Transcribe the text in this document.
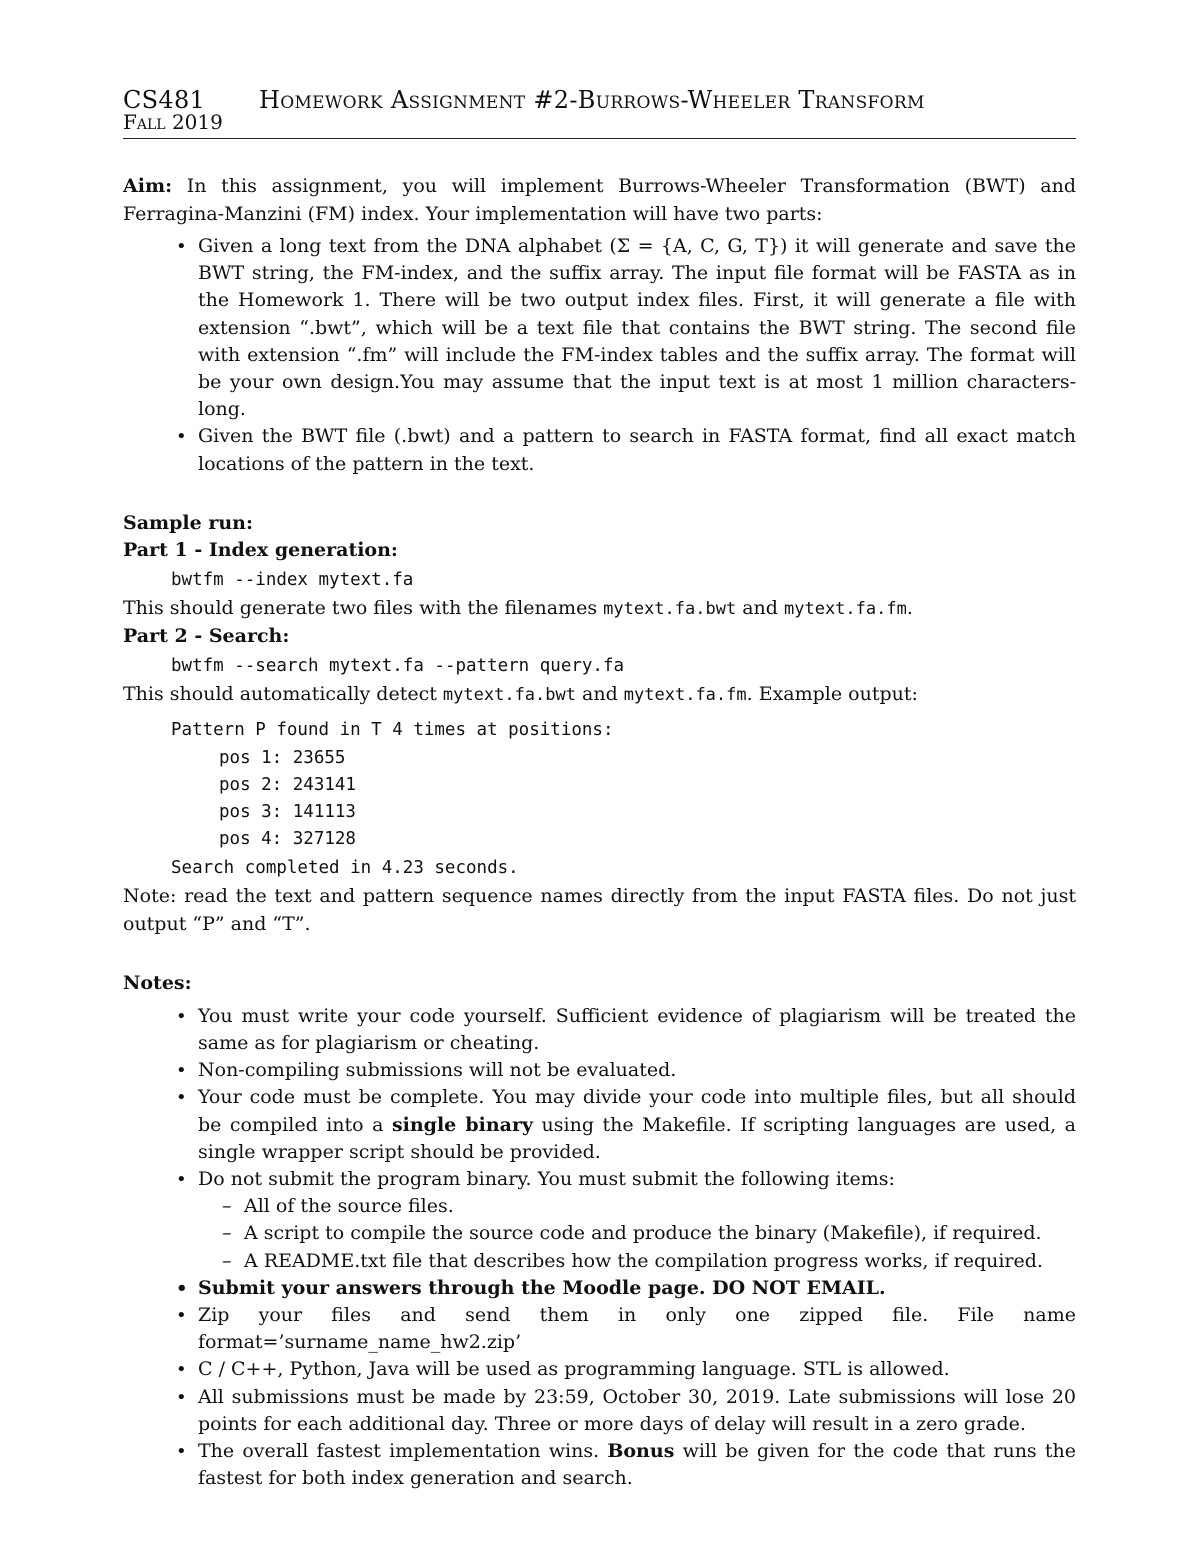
CS481 Homework Assignment #2-Burrows-Wheeler Transform
Fall 2019
Aim: In this assignment, you will implement Burrows-Wheeler Transformation (BWT) and Ferragina-Manzini (FM) index. Your implementation will have two parts:
• Given a long text from the DNA alphabet (Σ = {A, C, G, T}) it will generate and save the BWT string, the FM-index, and the suffix array. The input file format will be FASTA as in the Homework 1. There will be two output index files. First, it will generate a file with extension “.bwt”, which will be a text file that contains the BWT string. The second file with extension “.fm” will include the FM-index tables and the suffix array. The format will be your own design.You may assume that the input text is at most 1 million characters-long.
• Given the BWT file (.bwt) and a pattern to search in FASTA format, find all exact match locations of the pattern in the text.
Sample run:
Part 1 - Index generation:
bwtfm --index mytext.fa
This should generate two files with the filenames mytext.fa.bwt and mytext.fa.fm.
Part 2 - Search:
bwtfm --search mytext.fa --pattern query.fa
This should automatically detect mytext.fa.bwt and mytext.fa.fm. Example output:
Pattern P found in T 4 times at positions:
pos 1: 23655
pos 2: 243141
pos 3: 141113
pos 4: 327128
Search completed in 4.23 seconds.
Note: read the text and pattern sequence names directly from the input FASTA files. Do not just output “P” and “T”.
Notes:
• You must write your code yourself. Sufficient evidence of plagiarism will be treated the same as for plagiarism or cheating.
• Non-compiling submissions will not be evaluated.
• Your code must be complete. You may divide your code into multiple files, but all should be compiled into a single binary using the Makefile. If scripting languages are used, a single wrapper script should be provided.
• Do not submit the program binary. You must submit the following items:
– All of the source files.
– A script to compile the source code and produce the binary (Makefile), if required.
– A README.txt file that describes how the compilation progress works, if required.
• Submit your answers through the Moodle page. DO NOT EMAIL.
• Zip your files and send them in only one zipped file. File name format=’surname_name_hw2.zip’
• C / C++, Python, Java will be used as programming language. STL is allowed.
• All submissions must be made by 23:59, October 30, 2019. Late submissions will lose 20 points for each additional day. Three or more days of delay will result in a zero grade.
• The overall fastest implementation wins. Bonus will be given for the code that runs the fastest for both index generation and search.
